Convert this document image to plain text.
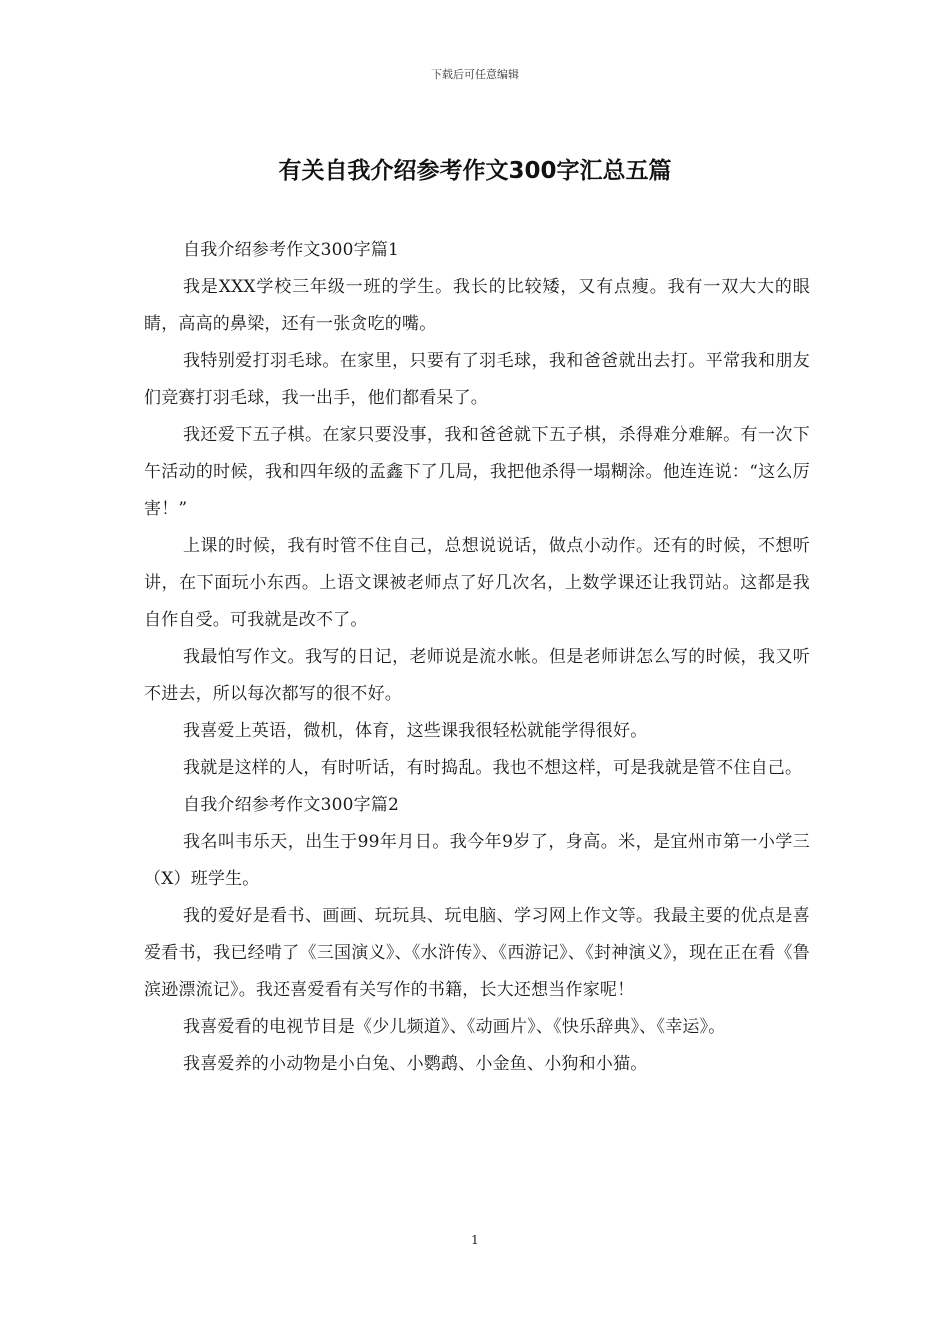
下载后可任意编辑
有关自我介绍参考作文300字汇总五篇

自我介绍参考作文300字篇1

我是XXX学校三年级一班的学生。我长的比较矮，又有点瘦。我有一双大大的眼睛，高高的鼻梁，还有一张贪吃的嘴。

我特别爱打羽毛球。在家里，只要有了羽毛球，我和爸爸就出去打。平常我和朋友们竞赛打羽毛球，我一出手，他们都看呆了。

我还爱下五子棋。在家只要没事，我和爸爸就下五子棋，杀得难分难解。有一次下午活动的时候，我和四年级的孟鑫下了几局，我把他杀得一塌糊涂。他连连说：“这么厉害！”

上课的时候，我有时管不住自己，总想说说话，做点小动作。还有的时候，不想听讲，在下面玩小东西。上语文课被老师点了好几次名，上数学课还让我罚站。这都是我自作自受。可我就是改不了。

我最怕写作文。我写的日记，老师说是流水帐。但是老师讲怎么写的时候，我又听不进去，所以每次都写的很不好。

我喜爱上英语，微机，体育，这些课我很轻松就能学得很好。

我就是这样的人，有时听话，有时捣乱。我也不想这样，可是我就是管不住自己。

自我介绍参考作文300字篇2

我名叫韦乐天，出生于99年月日。我今年9岁了，身高。米，是宜州市第一小学三（X）班学生。

我的爱好是看书、画画、玩玩具、玩电脑、学习网上作文等。我最主要的优点是喜爱看书，我已经啃了《三国演义》、《水浒传》、《西游记》、《封神演义》，现在正在看《鲁滨逊漂流记》。我还喜爱看有关写作的书籍，长大还想当作家呢！

我喜爱看的电视节目是《少儿频道》、《动画片》、《快乐辞典》、《幸运》。

我喜爱养的小动物是小白兔、小鹦鹉、小金鱼、小狗和小猫。

1
